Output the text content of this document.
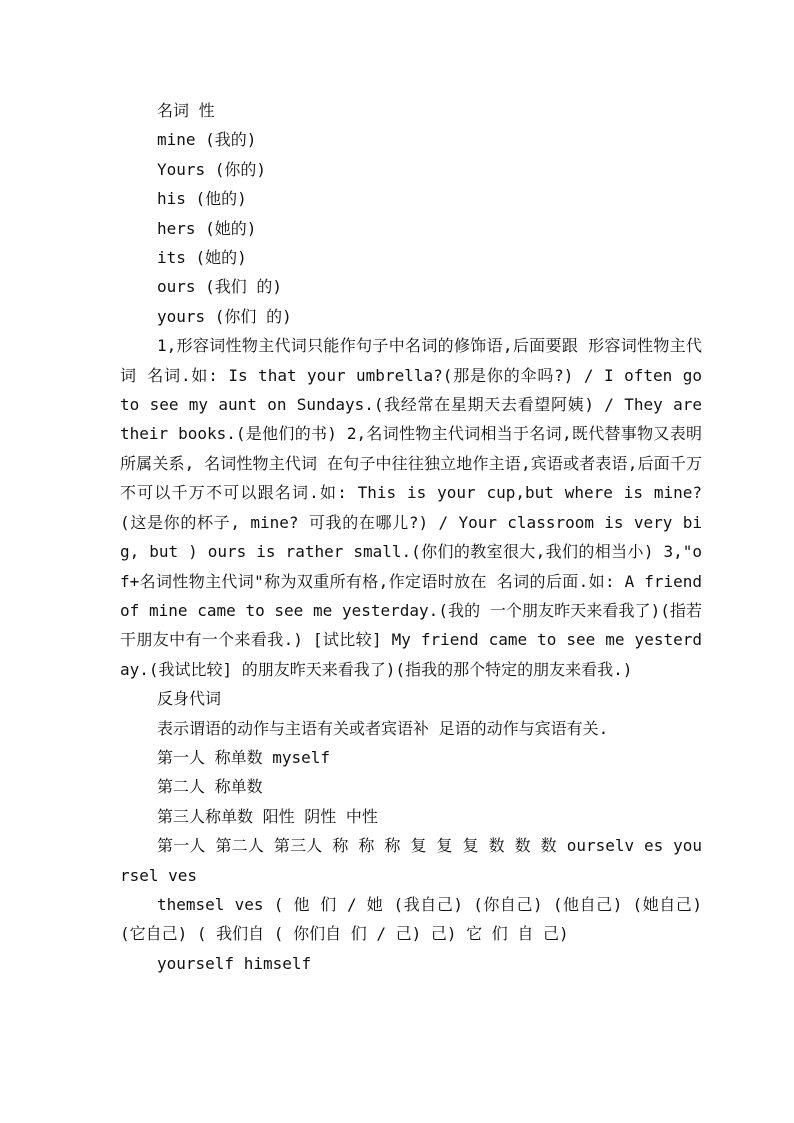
名词 性
mine (我的)
Yours (你的)
his (他的)
hers (她的)
its (她的)
ours (我们 的)
yours (你们 的)
1,形容词性物主代词只能作句子中名词的修饰语,后面要跟 形容词性物主代词 名词.如: Is that your umbrella?(那是你的伞吗?) / I often go to see my aunt on Sundays.(我经常在星期天去看望阿姨) / They are their books.(是他们的书) 2,名词性物主代词相当于名词,既代替事物又表明所属关系, 名词性物主代词 在句子中往往独立地作主语,宾语或者表语,后面千万不可以千万不可以跟名词.如: This is your cup,but where is mine?(这是你的杯子, mine? 可我的在哪儿?) / Your classroom is very big, but ) ours is rather small.(你们的教室很大,我们的相当小) 3,"of+名词性物主代词"称为双重所有格,作定语时放在 名词的后面.如: A friend of mine came to see me yesterday.(我的 一个朋友昨天来看我了)(指若干朋友中有一个来看我.) [试比较] My friend came to see me yesterday.(我试比较] 的朋友昨天来看我了)(指我的那个特定的朋友来看我.)
反身代词
表示谓语的动作与主语有关或者宾语补 足语的动作与宾语有关.
第一人 称单数 myself
第二人 称单数
第三人称单数 阳性 阴性 中性
第一人 第二人 第三人 称 称 称 复 复 复 数 数 数 ourselv es yoursel ves
themsel ves ( 他 们 / 她 (我自己) (你自己) (他自己) (她自己) (它自己) ( 我们自 ( 你们自 们 / 己) 己) 它 们 自 己)
yourself himself
